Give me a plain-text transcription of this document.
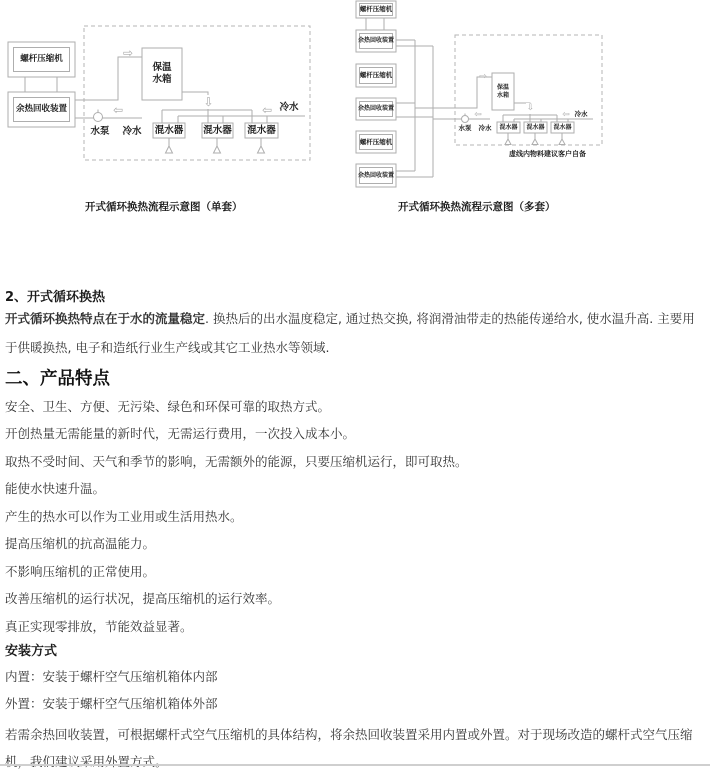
螺杆压缩机
余热回收装置
保温
水箱
水泵	冷水	混水器 混水器 混水器
冷水
⇨
⇦
⇩
⇦
开式循环换热流程示意图（单套）
螺杆压缩机
余热回收装置
螺杆压缩机
余热回收装置
螺杆压缩机
余热回收装置
保温
水箱
水泵	冷水	混水器	混水器	混水器
冷水
⇨
⇦
⇩
⇦
虚线内物料建议客户自备
开式循环换热流程示意图（多套）
2、开式循环换热

开式循环换热特点在于水的流量稳定. 换热后的出水温度稳定, 通过热交换, 将润滑油带走的热能传递给水, 使水温升高. 主要用于供暖换热, 电子和造纸行业生产线或其它工业热水等领域.

二、产品特点

安全、卫生、方便、无污染、绿色和环保可靠的取热方式。

开创热量无需能量的新时代，无需运行费用，一次投入成本小。

取热不受时间、天气和季节的影响，无需额外的能源，只要压缩机运行，即可取热。

能使水快速升温。

产生的热水可以作为工业用或生活用热水。

提高压缩机的抗高温能力。

不影响压缩机的正常使用。

改善压缩机的运行状况，提高压缩机的运行效率。

真正实现零排放，节能效益显著。

安装方式

内置：安装于螺杆空气压缩机箱体内部

外置：安装于螺杆空气压缩机箱体外部

若需余热回收装置，可根据螺杆式空气压缩机的具体结构，将余热回收装置采用内置或外置。对于现场改造的螺杆式空气压缩机，我们建议采用外置方式。
